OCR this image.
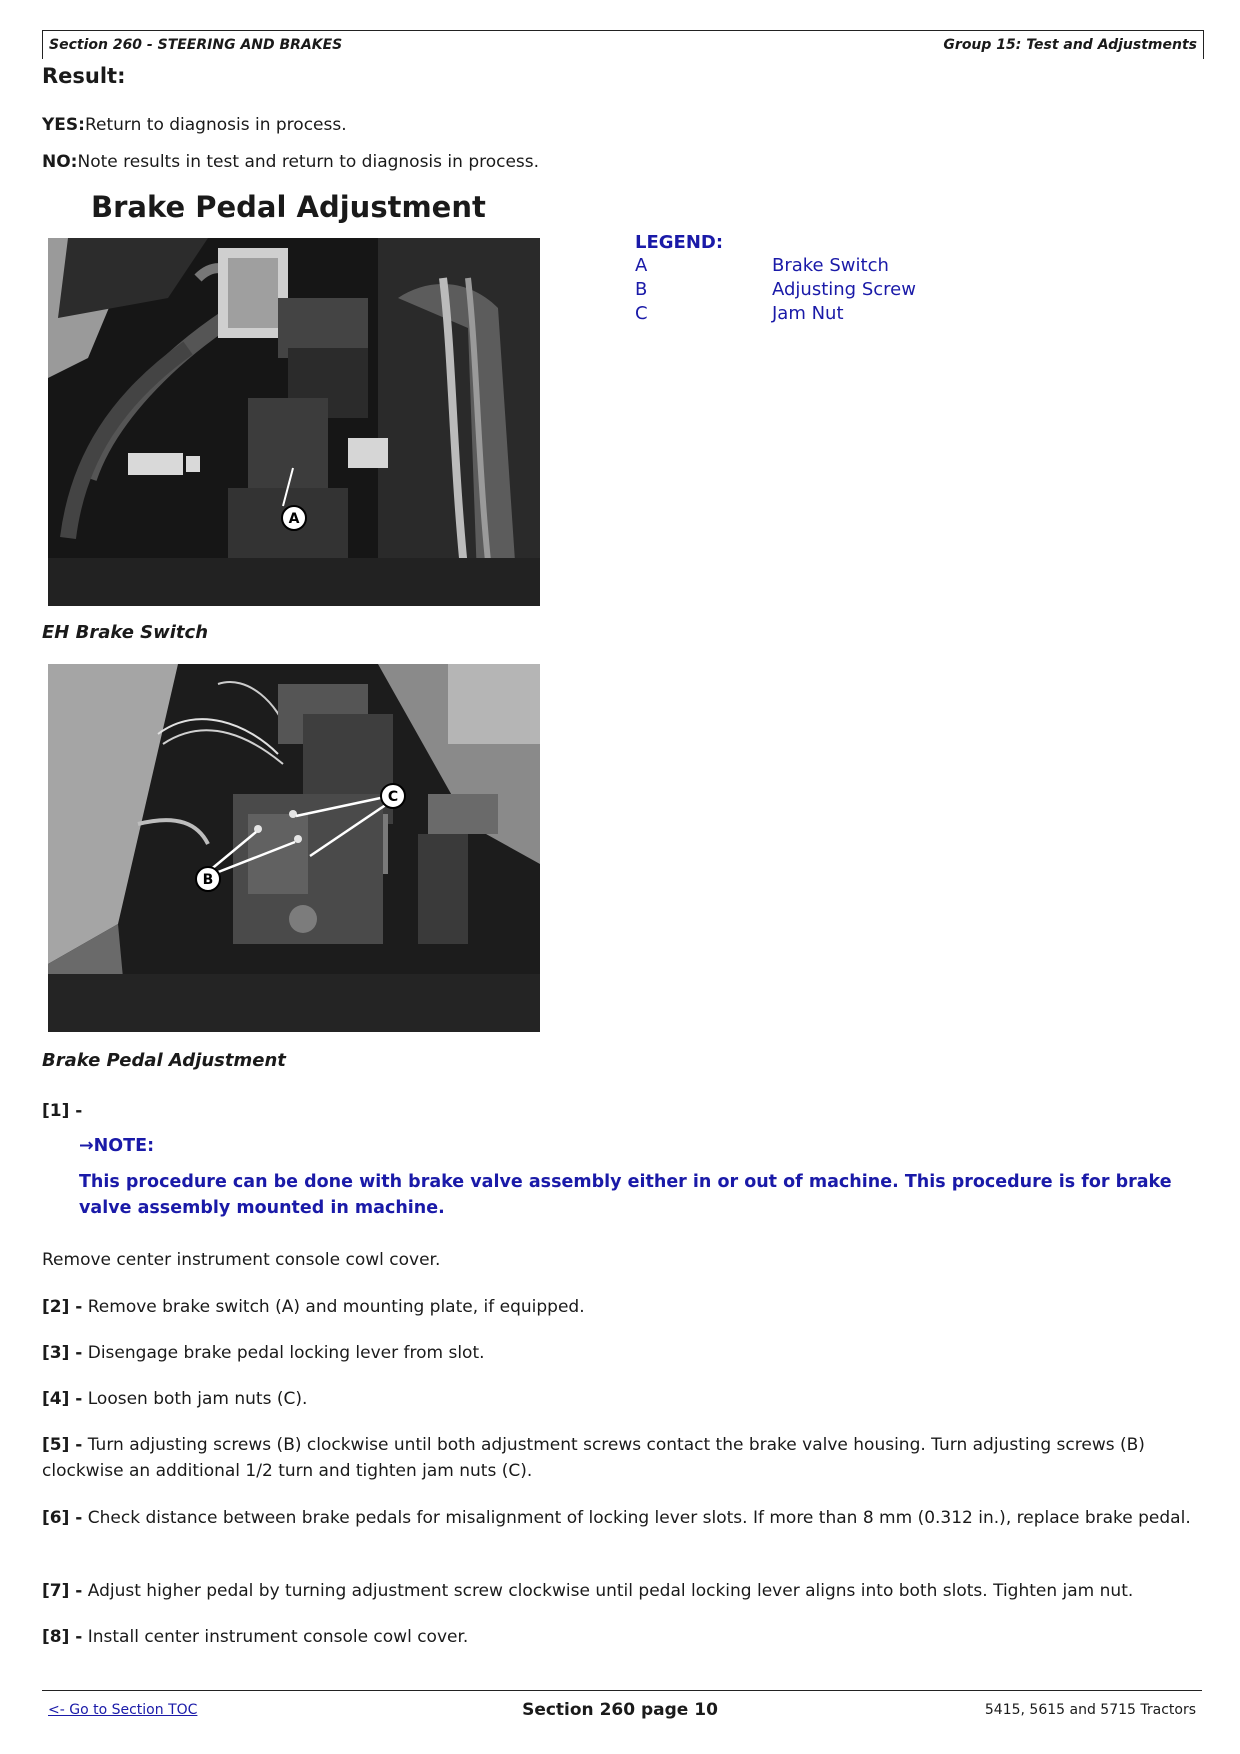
Section 260 - STEERING AND BRAKES	Group 15: Test and Adjustments
Result:

YES:Return to diagnosis in process.

NO:Note results in test and return to diagnosis in process.

Brake Pedal Adjustment
A
LEGEND:
A	Brake Switch
B	Adjusting Screw
C	Jam Nut

EH Brake Switch

B
C

Brake Pedal Adjustment

[1] -

→NOTE:

This procedure can be done with brake valve assembly either in or out of machine. This procedure is for brake valve assembly mounted in machine.

Remove center instrument console cowl cover.

[2] - Remove brake switch (A) and mounting plate, if equipped.

[3] - Disengage brake pedal locking lever from slot.

[4] - Loosen both jam nuts (C).

[5] - Turn adjusting screws (B) clockwise until both adjustment screws contact the brake valve housing. Turn adjusting screws (B) clockwise an additional 1/2 turn and tighten jam nuts (C).

[6] - Check distance between brake pedals for misalignment of locking lever slots. If more than 8 mm (0.312 in.), replace brake pedal.

[7] - Adjust higher pedal by turning adjustment screw clockwise until pedal locking lever aligns into both slots. Tighten jam nut.

[8] - Install center instrument console cowl cover.

<- Go to Section TOC	Section 260 page 10	5415, 5615 and 5715 Tractors
